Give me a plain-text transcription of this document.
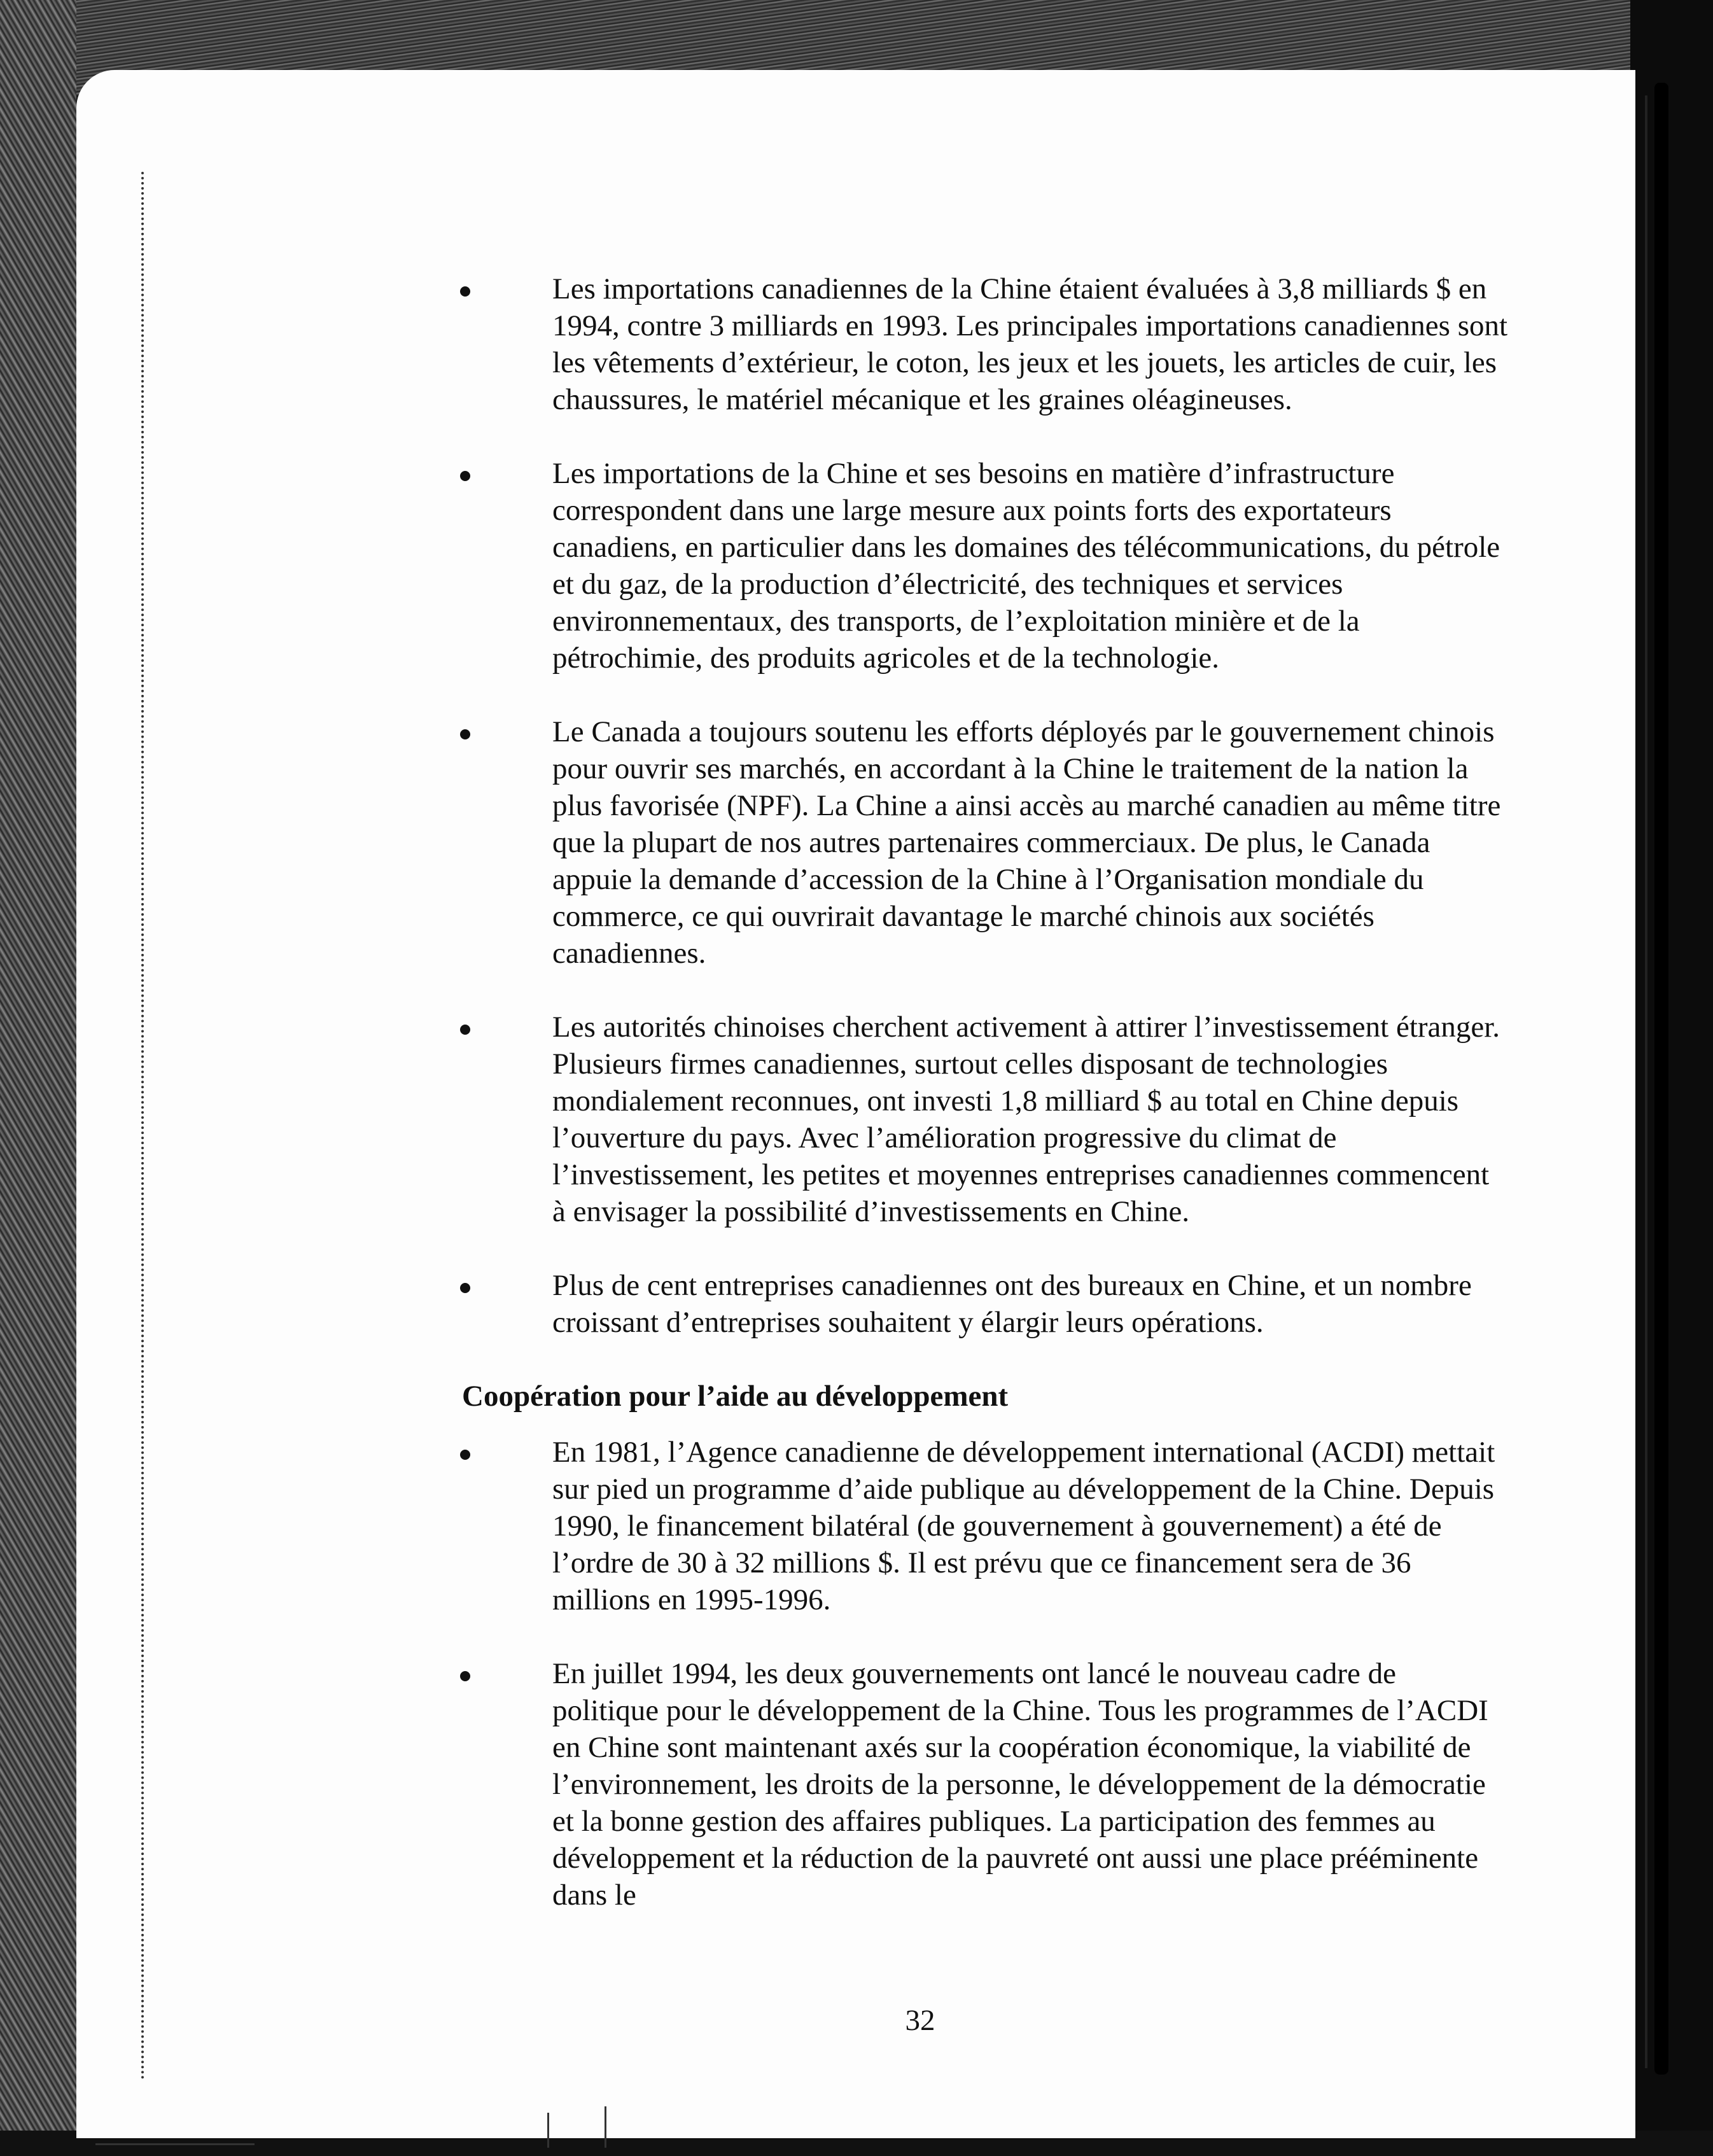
Les importations canadiennes de la Chine étaient évaluées à 3,8 milliards $ en 1994, contre 3 milliards en 1993. Les principales importations canadiennes sont les vêtements d’extérieur, le coton, les jeux et les jouets, les articles de cuir, les chaussures, le matériel mécanique et les graines oléagineuses.
Les importations de la Chine et ses besoins en matière d’infrastructure correspondent dans une large mesure aux points forts des exportateurs canadiens, en particulier dans les domaines des télécommunications, du pétrole et du gaz, de la production d’électricité, des techniques et services environnementaux, des transports, de l’exploitation minière et de la pétrochimie, des produits agricoles et de la technologie.
Le Canada a toujours soutenu les efforts déployés par le gouvernement chinois pour ouvrir ses marchés, en accordant à la Chine le traitement de la nation la plus favorisée (NPF). La Chine a ainsi accès au marché canadien au même titre que la plupart de nos autres partenaires commerciaux. De plus, le Canada appuie la demande d’accession de la Chine à l’Organisation mondiale du commerce, ce qui ouvrirait davantage le marché chinois aux sociétés canadiennes.
Les autorités chinoises cherchent activement à attirer l’investissement étranger. Plusieurs firmes canadiennes, surtout celles disposant de technologies mondialement reconnues, ont investi 1,8 milliard $ au total en Chine depuis l’ouverture du pays. Avec l’amélioration progressive du climat de l’investissement, les petites et moyennes entreprises canadiennes commencent à envisager la possibilité d’investissements en Chine.
Plus de cent entreprises canadiennes ont des bureaux en Chine, et un nombre croissant d’entreprises souhaitent y élargir leurs opérations.
Coopération pour l’aide au développement
En 1981, l’Agence canadienne de développement international (ACDI) mettait sur pied un programme d’aide publique au développement de la Chine. Depuis 1990, le financement bilatéral (de gouvernement à gouvernement) a été de l’ordre de 30 à 32 millions $. Il est prévu que ce financement sera de 36 millions en 1995-1996.
En juillet 1994, les deux gouvernements ont lancé le nouveau cadre de politique pour le développement de la Chine. Tous les programmes de l’ACDI en Chine sont maintenant axés sur la coopération économique, la viabilité de l’environnement, les droits de la personne, le développement de la démocratie et la bonne gestion des affaires publiques. La participation des femmes au développement et la réduction de la pauvreté ont aussi une place prééminente dans le
32
